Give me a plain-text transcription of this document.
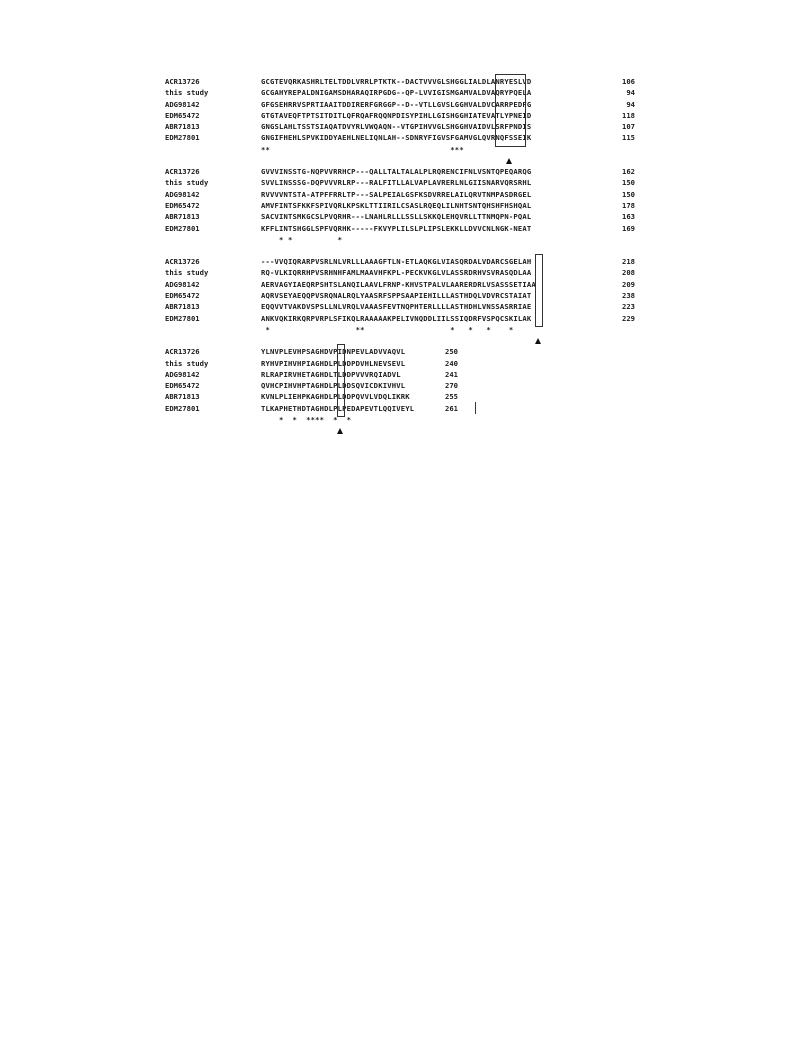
ACR13726	GCGTEVQRKASHRLTELTDDLVRRLPTKTK--DACTVVVGLSHGGLIALDLANRYESLVD	106
this study	GCGAHYREPALDNIGAMSDHARAQIRPGDG--QP-LVVIGISMGAMVALDVAQRYPQELA	94
ADG98142	GFGSEHRRVSPRTIAAITDDIRERFGRGGP--D--VTLLGVSLGGHVALDVCARRPEDFG	94
EDM65472	GTGTAVEQFTPTSITDITLQFRQAFRQQNPDISYPIHLLGISHGGHIATEVATLYPNEID	118
ABR71813	GNGSLAHLTSSTSIAQATDVYRLVWQAQN--VTGPIHVVGLSHGGHVAIDVLSRFPNDIS	107
EDM27801	GNGIFHEHLSPVKIDDYAEHLNELIQNLAH--SDNRYFIGVSFGAMVGLQVRNQFSSEIK	115
**                                        ***
ACR13726	GVVVINSSTG-NQPVVRRHCP---QALLTALTALALPLRQRENCIFNLVSNTQPEQARQG	162
this study	SVVLINSSSG-DQPVVVRLRP---RALFITLLALVAPLAVRERLNLGIISNARVQRSRHL	150
ADG98142	RVVVVNTSTA-ATPFFRRLTP---SALPEIALGSFKSDVRRELAILQRVTNMPASDRGEL	150
EDM65472	AMVFINTSFKKFSPIVQRLKPSKLTTIIRILCSASLRQEQLILNHTSNTQHSHFHSHQAL	178
ABR71813	SACVINTSMKGCSLPVQRHR---LNAHLRLLLSSLLSKKQLEHQVRLLTTNMQPN-PQAL	163
EDM27801	KFFLINTSHGGLSPFVQRHK-----FKVYPLILSLPLIPSLEKKLLDVVCNLNGK-NEAT	169
* *          *
ACR13726	---VVQIQRARPVSRLNLVRLLLAAAGFTLN-ETLAQKGLVIASQRDALVDARCSGELAH	218
this study	RQ-VLKIQRRHPVSRHNHFAMLMAAVHFKPL-PECKVKGLVLASSRDRHVSVRASQDLAA	208
ADG98142	AERVAGYIAEQRPSHTSLANQILAAVLFRNP-KHVSTPALVLAARERDRLVSASSSETIAA	209
EDM65472	AQRVSEYAEQQPVSRQNALRQLYAASRFSPPSAAPIEHILLLASTHDQLVDVRCSTAIAT	238
ABR71813	EQQVVTVAKDVSPSLLNLVRQLVAAASFEVTNQPHTERLLLLASTHDHLVNSSASRRIAE	223
EDM27801	ANKVQKIRKQRPVRPLSFIKQLRAAAAAKPELIVNQDDLIILSSIQDRFVSPQCSKILAK	229
*                   **                   *   *   *    *
ACR13726	YLNVPLEVHPSAGHDVPIDNPEVLADVVAQVL	250
this study	RYHVPIHVHPIAGHDLPLDDPDVHLNEVSEVL	240
ADG98142	RLRAPIRVHETAGHDLTLDDPVVVRQIADVL	241
EDM65472	QVHCPIHVHPTAGHDLPLDDSQVICDKIVHVL	270
ABR71813	KVNLPLIEHPKAGHDLPLDDPQVVLVDQLIKRK	255
EDM27801	TLKAPHETHDTAGHDLPLPEDAPEVTLQQIVEYL	261
*  *  ****  *  *
